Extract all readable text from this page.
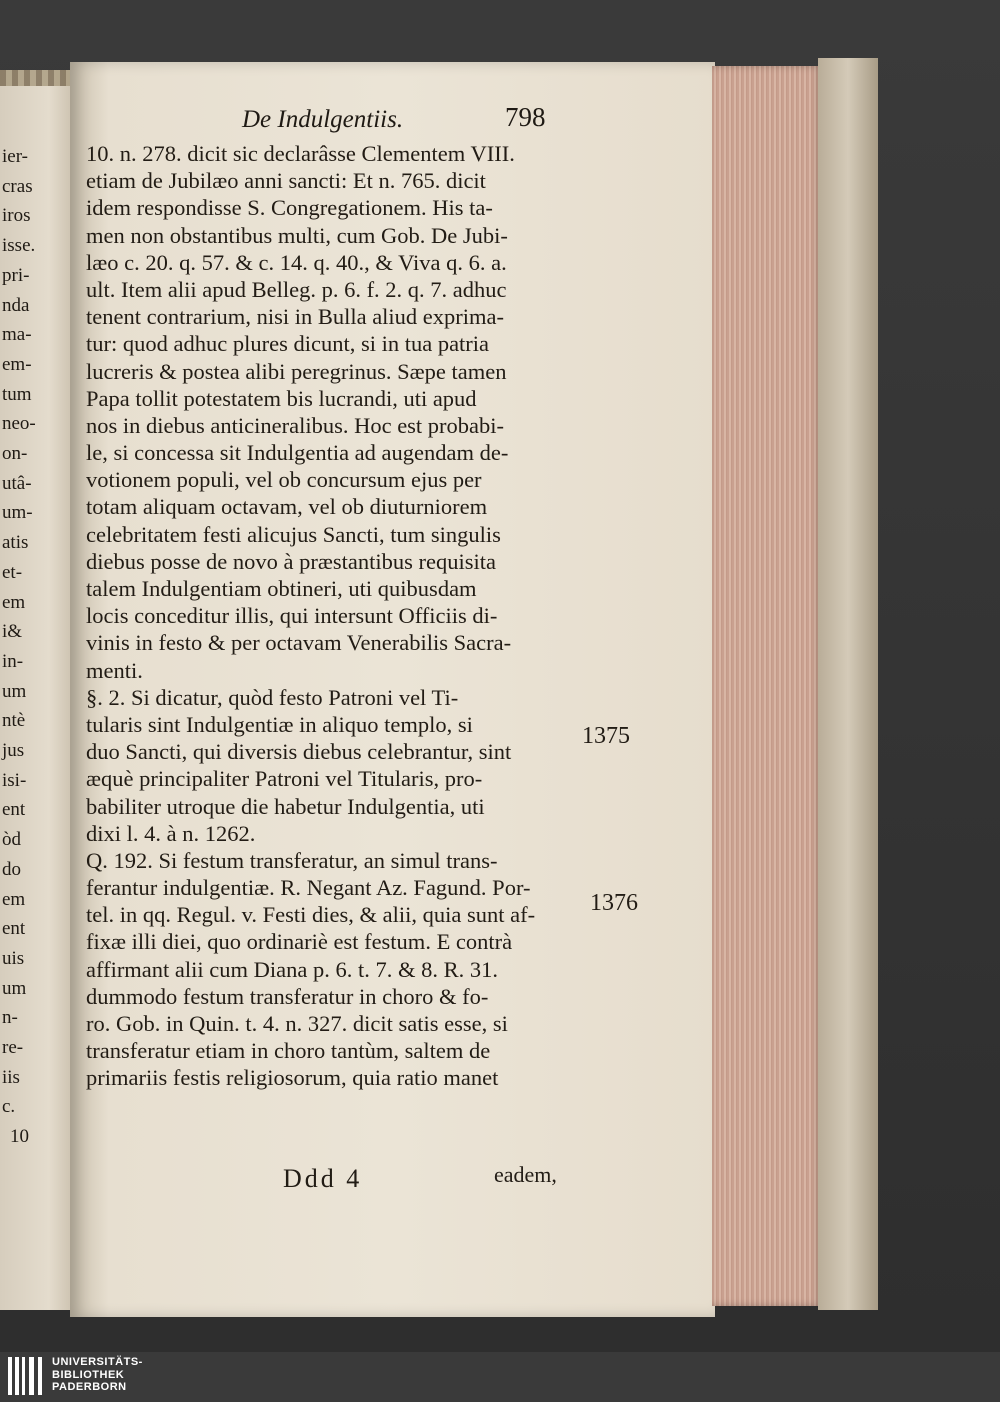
ier-
cras
iros
isse.
pri-
nda
ma-
em-
tum
neo-
on-
utâ-
um-
atis
et-
em
i&
in-
um
ntè
jus
isi-
ent
òd
do
em
ent
uis
um
n-
re-
iis
c.
10
De Indulgentiis.	798
10. n. 278. dicit sic declarâsse Clementem VIII.
etiam de Jubilæo anni sancti: Et n. 765. dicit
idem respondisse S. Congregationem. His ta-
men non obstantibus multi, cum Gob. De Jubi-
læo c. 20. q. 57. & c. 14. q. 40., & Viva q. 6. a.
ult. Item alii apud Belleg. p. 6. f. 2. q. 7. adhuc
tenent contrarium, nisi in Bulla aliud exprima-
tur: quod adhuc plures dicunt, si in tua patria
lucreris & postea alibi peregrinus. Sæpe tamen
Papa tollit potestatem bis lucrandi, uti apud
nos in diebus anticineralibus. Hoc est probabi-
le, si concessa sit Indulgentia ad augendam de-
votionem populi, vel ob concursum ejus per
totam aliquam octavam, vel ob diuturniorem
celebritatem festi alicujus Sancti, tum singulis
diebus posse de novo à præstantibus requisita
talem Indulgentiam obtineri, uti quibusdam
locis conceditur illis, qui intersunt Officiis di-
vinis in festo & per octavam Venerabilis Sacra-
menti.
§. 2. Si dicatur, quòd festo Patroni vel Ti-
tularis sint Indulgentiæ in aliquo templo, si
duo Sancti, qui diversis diebus celebrantur, sint
æquè principaliter Patroni vel Titularis, pro-
babiliter utroque die habetur Indulgentia, uti
dixi l. 4. à n. 1262.
Q. 192. Si festum transferatur, an simul trans-
ferantur indulgentiæ. R. Negant Az. Fagund. Por-
tel. in qq. Regul. v. Festi dies, & alii, quia sunt af-
fixæ illi diei, quo ordinariè est festum. E contrà
affirmant alii cum Diana p. 6. t. 7. & 8. R. 31.
dummodo festum transferatur in choro & fo-
ro. Gob. in Quin. t. 4. n. 327. dicit satis esse, si
transferatur etiam in choro tantùm, saltem de
primariis festis religiosorum, quia ratio manet
1375
1376
Ddd 4	eadem,
UNIVERSITÄTS-
BIBLIOTHEK
PADERBORN
